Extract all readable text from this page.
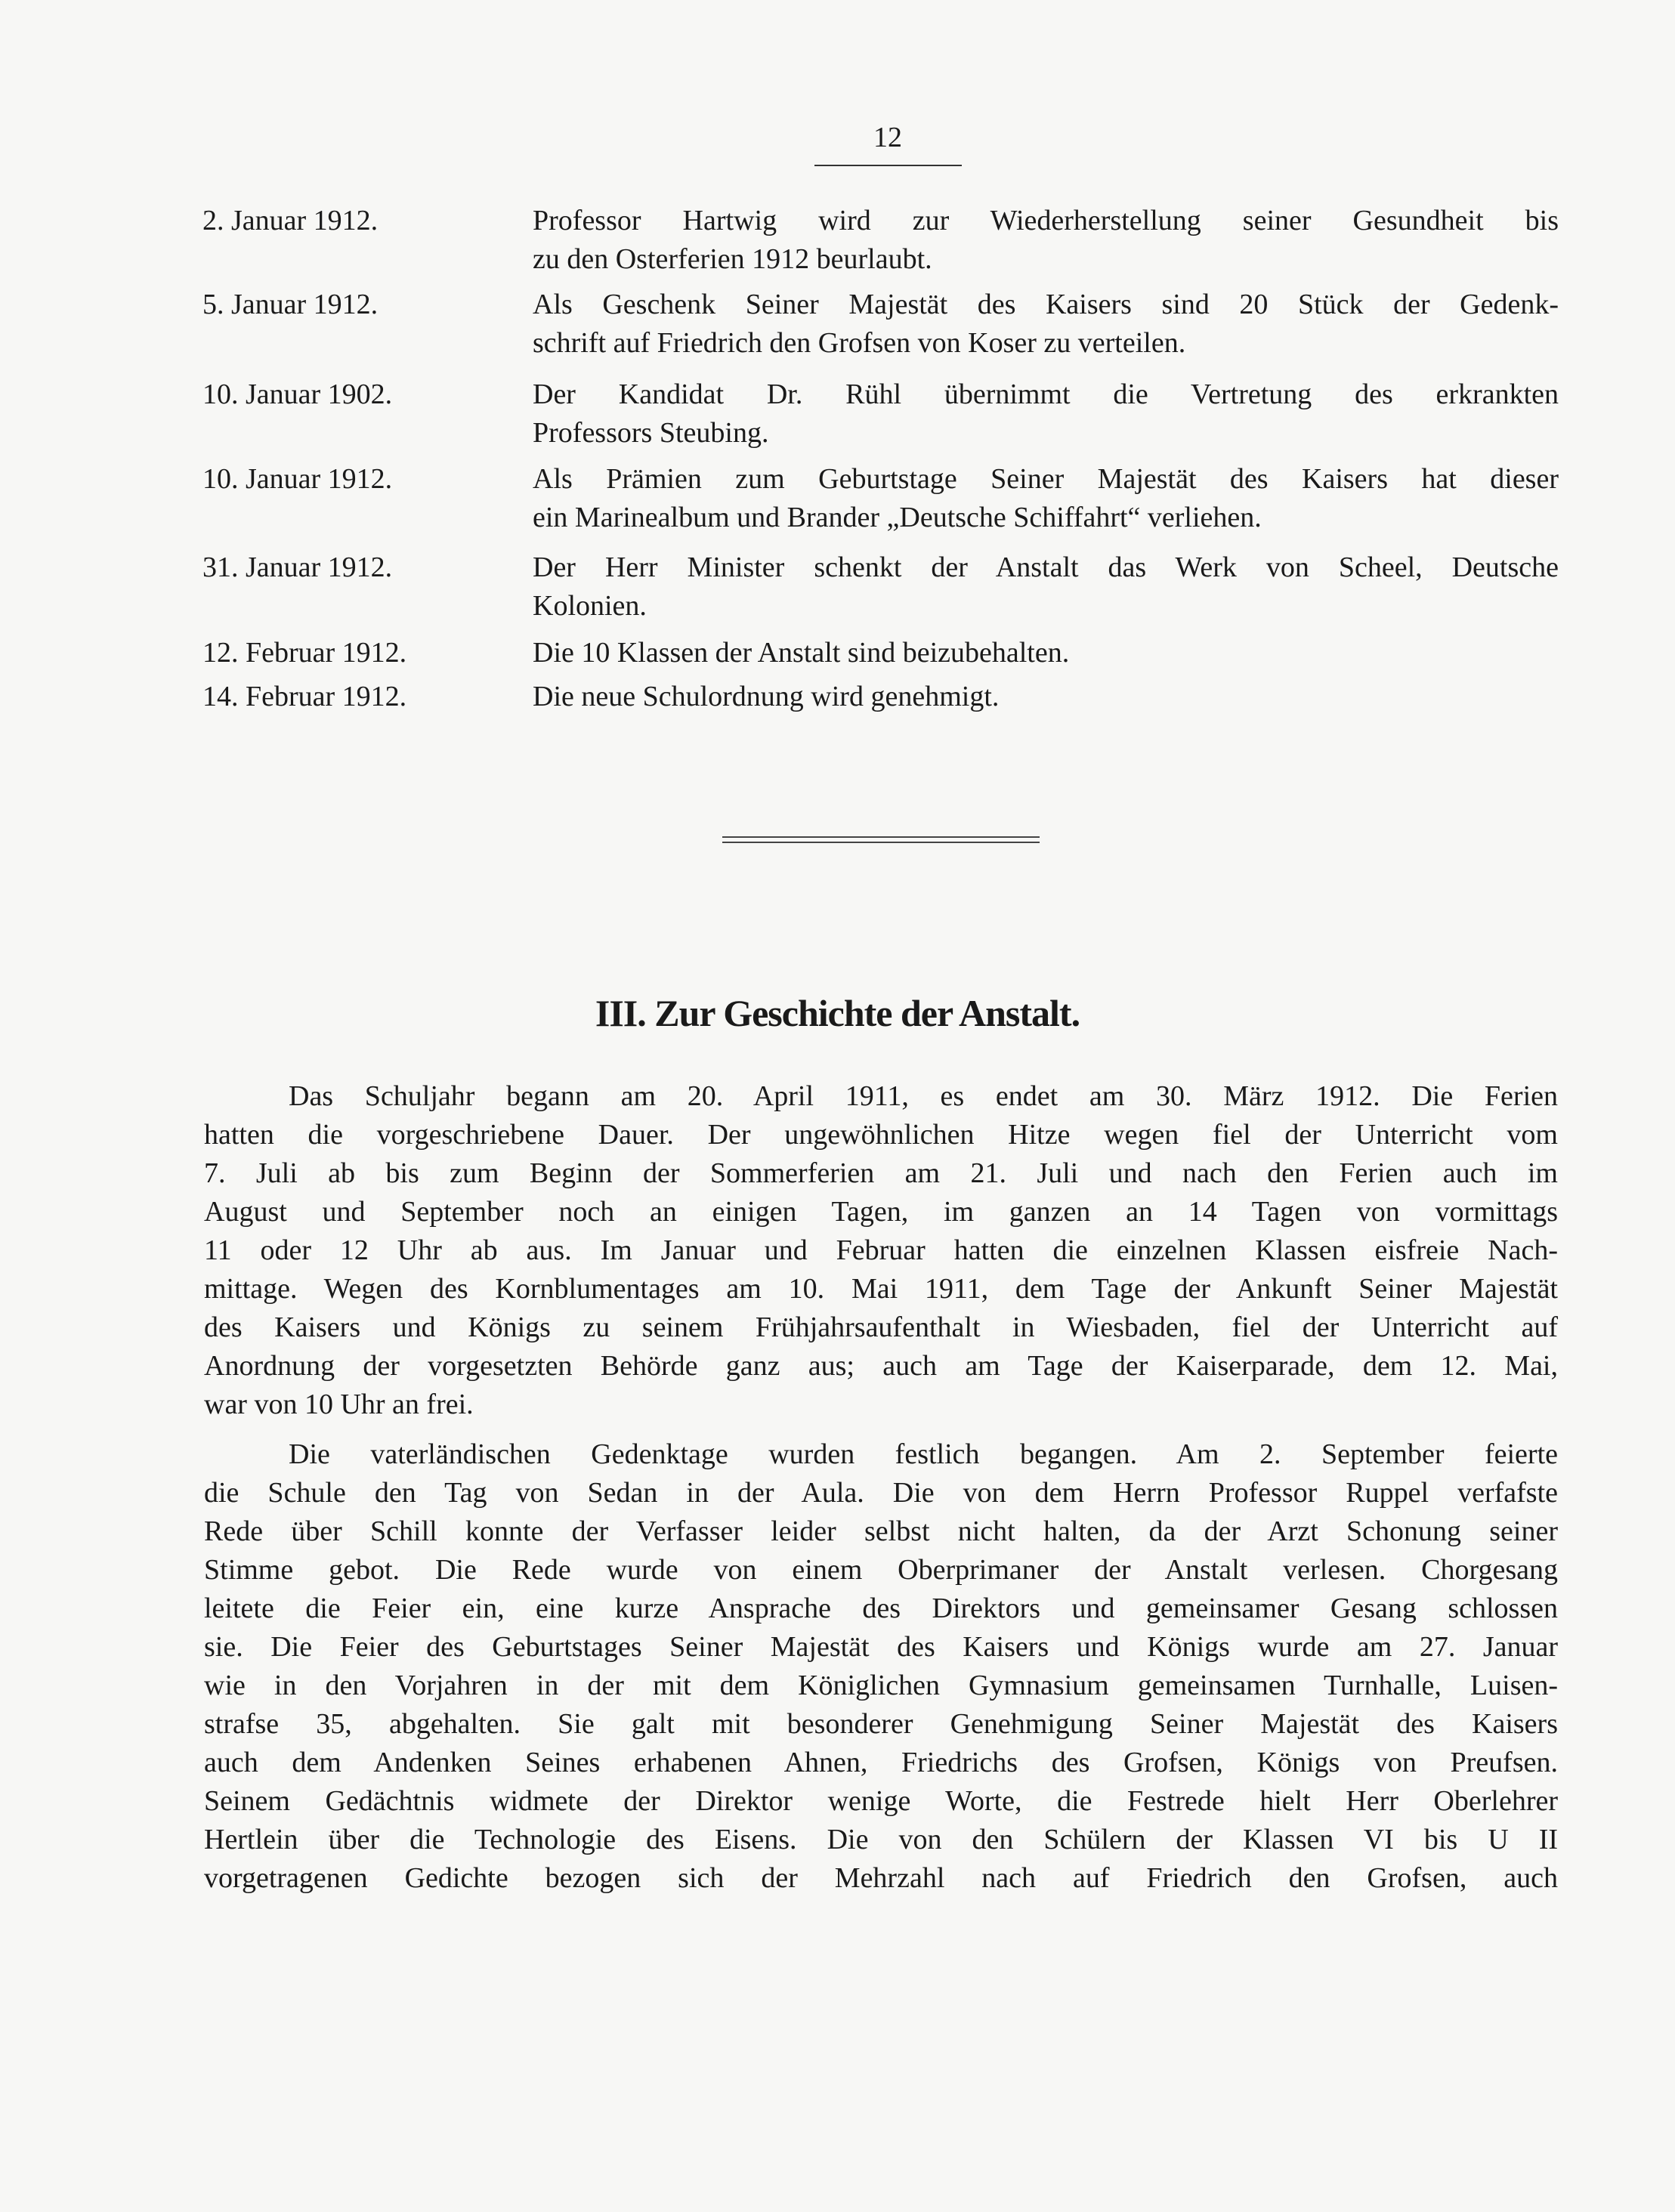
12
2. Januar 1912.	Professor Hartwig wird zur Wiederherstellung seiner Gesundheit bis
zu den Osterferien 1912 beurlaubt.
5. Januar 1912.	Als Geschenk Seiner Majestät des Kaisers sind 20 Stück der Gedenk-
schrift auf Friedrich den Grofsen von Koser zu verteilen.
10. Januar 1902.	Der Kandidat Dr. Rühl übernimmt die Vertretung des erkrankten
Professors Steubing.
10. Januar 1912.	Als Prämien zum Geburtstage Seiner Majestät des Kaisers hat dieser
ein Marinealbum und Brander „Deutsche Schiffahrt“ verliehen.
31. Januar 1912.	Der Herr Minister schenkt der Anstalt das Werk von Scheel, Deutsche
Kolonien.
12. Februar 1912.	Die 10 Klassen der Anstalt sind beizubehalten.
14. Februar 1912.	Die neue Schulordnung wird genehmigt.
III. Zur Geschichte der Anstalt.
Das Schuljahr begann am 20. April 1911, es endet am 30. März 1912. Die Ferien
hatten die vorgeschriebene Dauer. Der ungewöhnlichen Hitze wegen fiel der Unterricht vom
7. Juli ab bis zum Beginn der Sommerferien am 21. Juli und nach den Ferien auch im
August und September noch an einigen Tagen, im ganzen an 14 Tagen von vormittags
11 oder 12 Uhr ab aus. Im Januar und Februar hatten die einzelnen Klassen eisfreie Nach-
mittage. Wegen des Kornblumentages am 10. Mai 1911, dem Tage der Ankunft Seiner Majestät
des Kaisers und Königs zu seinem Frühjahrsaufenthalt in Wiesbaden, fiel der Unterricht auf
Anordnung der vorgesetzten Behörde ganz aus; auch am Tage der Kaiserparade, dem 12. Mai,
war von 10 Uhr an frei.
Die vaterländischen Gedenktage wurden festlich begangen. Am 2. September feierte
die Schule den Tag von Sedan in der Aula. Die von dem Herrn Professor Ruppel verfafste
Rede über Schill konnte der Verfasser leider selbst nicht halten, da der Arzt Schonung seiner
Stimme gebot. Die Rede wurde von einem Oberprimaner der Anstalt verlesen. Chorgesang
leitete die Feier ein, eine kurze Ansprache des Direktors und gemeinsamer Gesang schlossen
sie. Die Feier des Geburtstages Seiner Majestät des Kaisers und Königs wurde am 27. Januar
wie in den Vorjahren in der mit dem Königlichen Gymnasium gemeinsamen Turnhalle, Luisen-
strafse 35, abgehalten. Sie galt mit besonderer Genehmigung Seiner Majestät des Kaisers
auch dem Andenken Seines erhabenen Ahnen, Friedrichs des Grofsen, Königs von Preufsen.
Seinem Gedächtnis widmete der Direktor wenige Worte, die Festrede hielt Herr Oberlehrer
Hertlein über die Technologie des Eisens. Die von den Schülern der Klassen VI bis U II
vorgetragenen Gedichte bezogen sich der Mehrzahl nach auf Friedrich den Grofsen, auch
